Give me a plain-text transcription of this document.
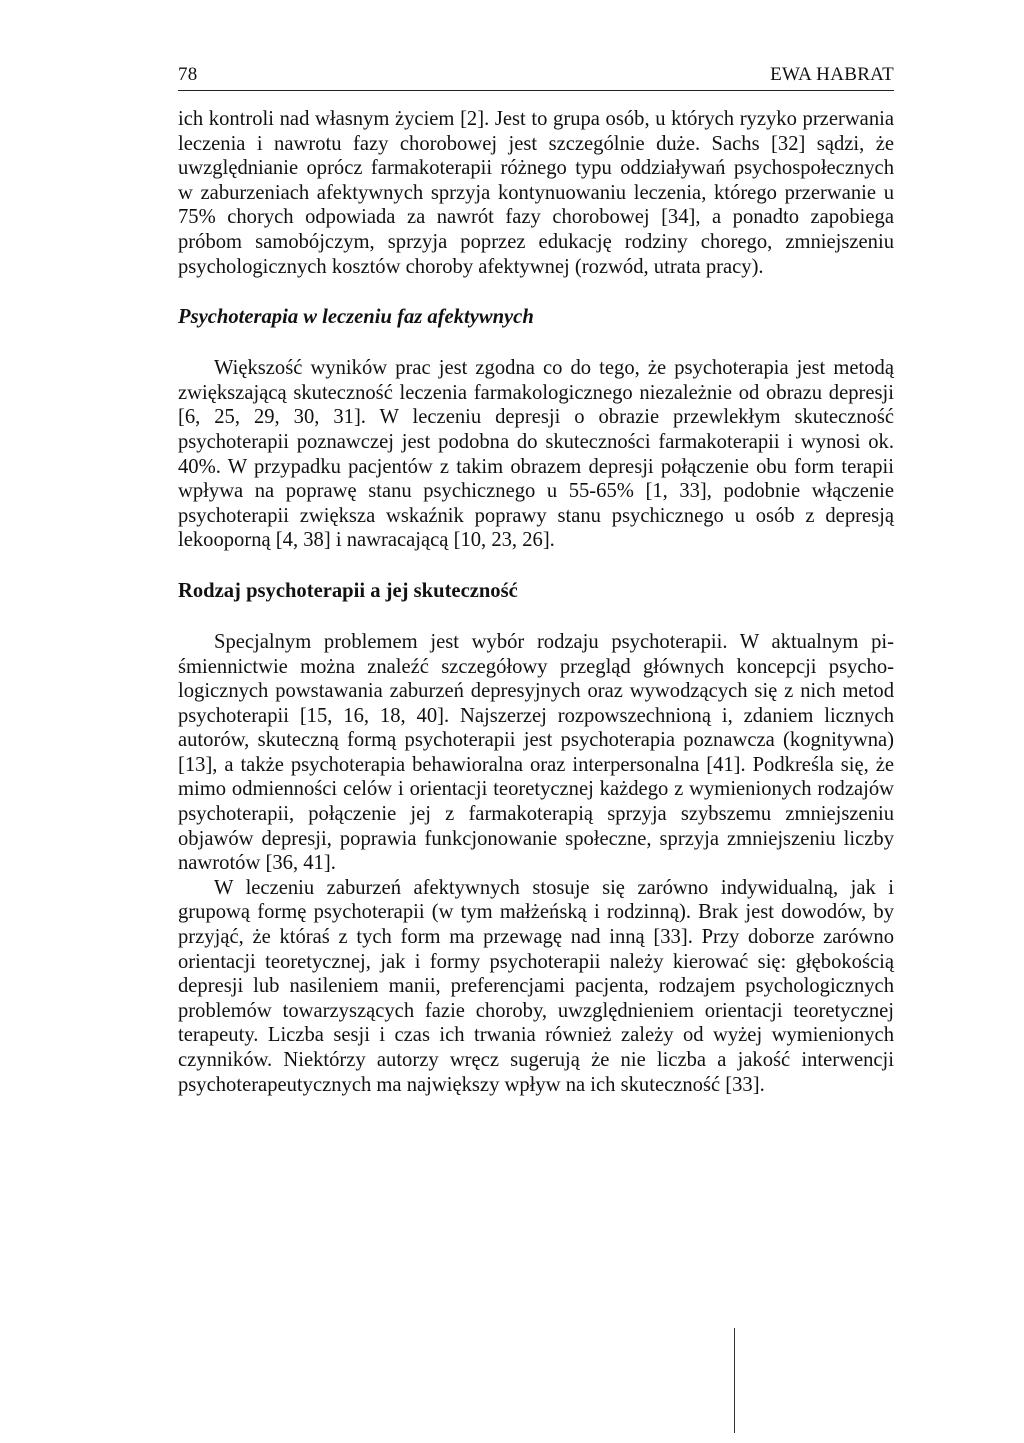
78	EWA HABRAT

ich kontroli nad własnym życiem [2]. Jest to grupa osób, u których ryzyko przerwania leczenia i nawrotu fazy chorobowej jest szczególnie duże. Sachs [32] sądzi, że uwzględnianie oprócz farmakoterapii różnego typu oddziaływań psychospołecznych w zaburzeniach afektywnych sprzyja kontynuowaniu leczenia, którego przerwanie u 75% chorych odpowiada za nawrót fazy chorobowej [34], a ponadto zapobiega próbom samobójczym, sprzyja poprzez edukację rodziny chorego, zmniejszeniu psychologicznych kosztów choroby afektywnej (rozwód, utrata pracy).

Psychoterapia w leczeniu faz afektywnych

Większość wyników prac jest zgodna co do tego, że psychoterapia jest metodą zwiększającą skuteczność leczenia farmakologicznego niezależnie od obrazu depresji [6, 25, 29, 30, 31]. W leczeniu depresji o obrazie przewlekłym skuteczność psychoterapii poznawczej jest podobna do skuteczności farmakoterapii i wynosi ok. 40%. W przypadku pacjentów z takim obrazem depresji połączenie obu form terapii wpływa na poprawę stanu psychicznego u 55-65% [1, 33], podobnie włączenie psychoterapii zwiększa wskaźnik poprawy stanu psychicznego u osób z depresją lekooporną [4, 38] i nawracającą [10, 23, 26].

Rodzaj psychoterapii a jej skuteczność

Specjalnym problemem jest wybór rodzaju psychoterapii. W aktualnym piśmiennictwie można znaleźć szczegółowy przegląd głównych koncepcji psychologicznych powstawania zaburzeń depresyjnych oraz wywodzących się z nich metod psychoterapii [15, 16, 18, 40]. Najszerzej rozpowszechnioną i, zdaniem licznych autorów, skuteczną formą psychoterapii jest psychoterapia poznawcza (kognitywna) [13], a także psychoterapia behawioralna oraz interpersonalna [41]. Podkreśla się, że mimo odmienności celów i orientacji teoretycznej każdego z wymienionych rodzajów psychoterapii, połączenie jej z farmakoterapią sprzyja szybszemu zmniejszeniu objawów depresji, poprawia funkcjonowanie społeczne, sprzyja zmniejszeniu liczby nawrotów [36, 41].

W leczeniu zaburzeń afektywnych stosuje się zarówno indywidualną, jak i grupową formę psychoterapii (w tym małżeńską i rodzinną). Brak jest dowodów, by przyjąć, że któraś z tych form ma przewagę nad inną [33]. Przy doborze zarówno orientacji teoretycznej, jak i formy psychoterapii należy kierować się: głębokością depresji lub nasileniem manii, preferencjami pacjenta, rodzajem psychologicznych problemów towarzyszących fazie choroby, uwzględnieniem orientacji teoretycznej terapeuty. Liczba sesji i czas ich trwania również zależy od wyżej wymienionych czynników. Niektórzy autorzy wręcz sugerują że nie liczba a jakość interwencji psychoterapeutycznych ma największy wpływ na ich skuteczność [33].
